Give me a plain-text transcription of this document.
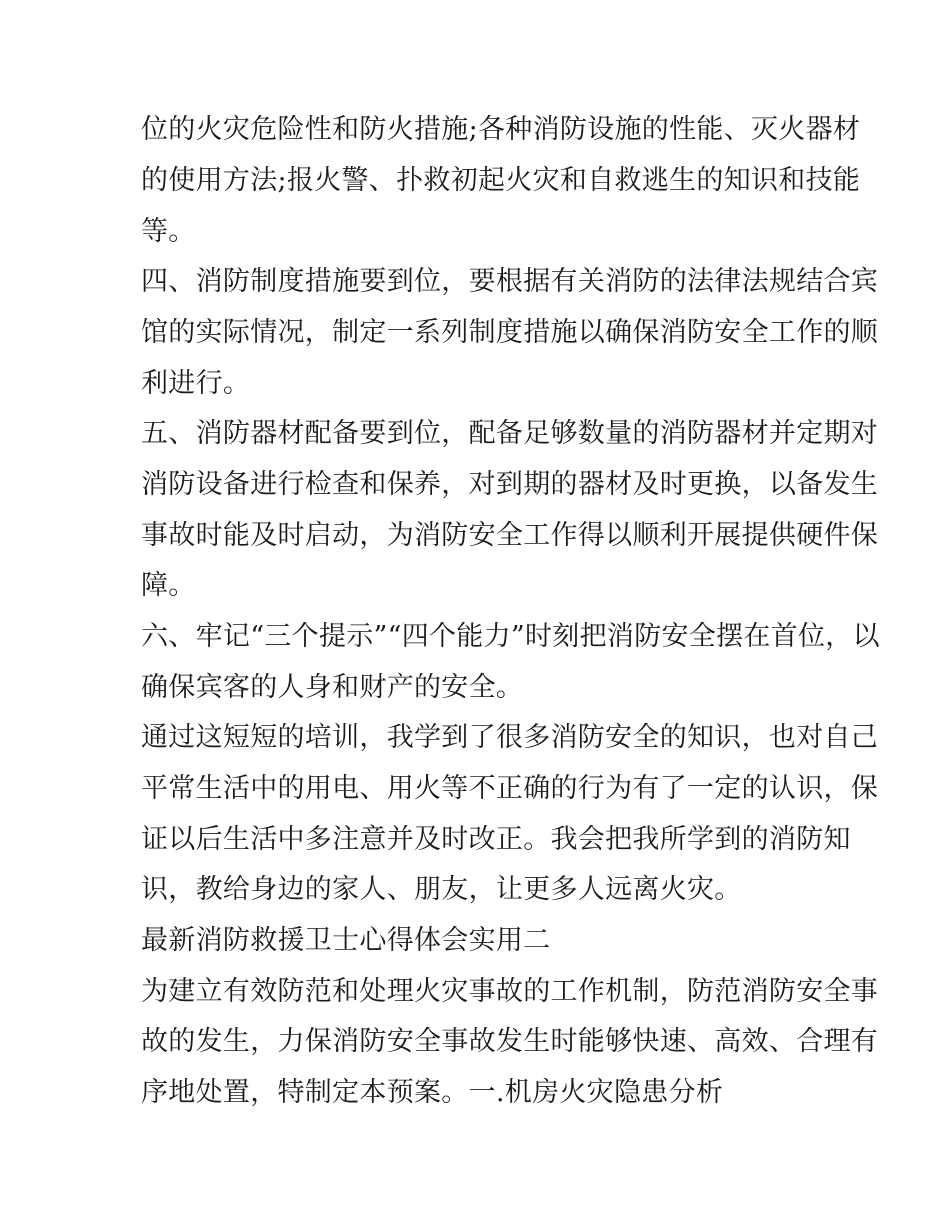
位的火灾危险性和防火措施;各种消防设施的性能、灭火器材
的使用方法;报火警、扑救初起火灾和自救逃生的知识和技能
等。
四、消防制度措施要到位，要根据有关消防的法律法规结合宾
馆的实际情况，制定一系列制度措施以确保消防安全工作的顺
利进行。
五、消防器材配备要到位，配备足够数量的消防器材并定期对
消防设备进行检查和保养，对到期的器材及时更换，以备发生
事故时能及时启动，为消防安全工作得以顺利开展提供硬件保
障。
六、牢记“三个提示”“四个能力”时刻把消防安全摆在首位，以
确保宾客的人身和财产的安全。
通过这短短的培训，我学到了很多消防安全的知识，也对自己
平常生活中的用电、用火等不正确的行为有了一定的认识，保
证以后生活中多注意并及时改正。我会把我所学到的消防知
识，教给身边的家人、朋友，让更多人远离火灾。
最新消防救援卫士心得体会实用二
为建立有效防范和处理火灾事故的工作机制，防范消防安全事
故的发生，力保消防安全事故发生时能够快速、高效、合理有
序地处置，特制定本预案。一.机房火灾隐患分析
